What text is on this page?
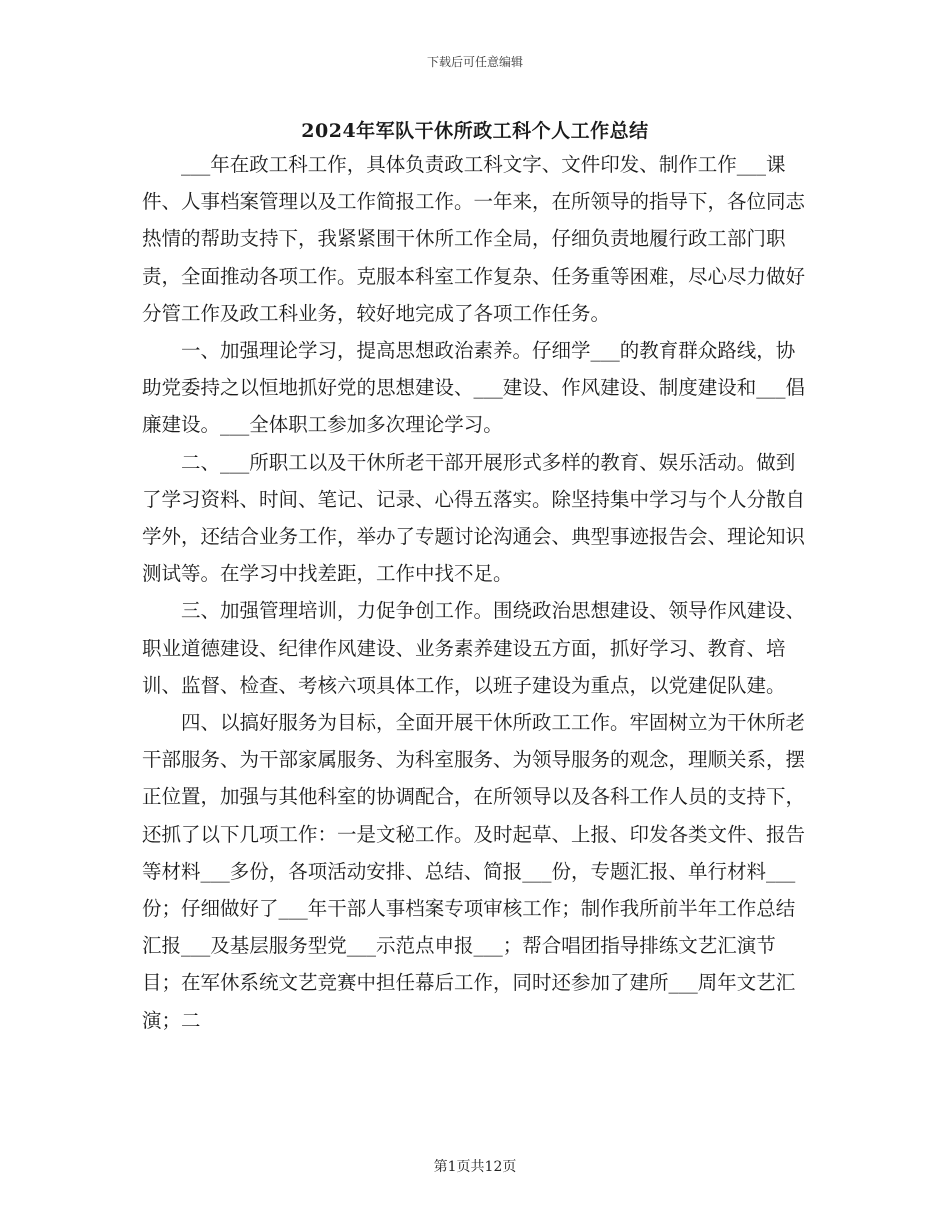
下载后可任意编辑
2024年军队干休所政工科个人工作总结

___年在政工科工作，具体负责政工科文字、文件印发、制作工作___课件、人事档案管理以及工作简报工作。一年来，在所领导的指导下，各位同志热情的帮助支持下，我紧紧围干休所工作全局，仔细负责地履行政工部门职责，全面推动各项工作。克服本科室工作复杂、任务重等困难，尽心尽力做好分管工作及政工科业务，较好地完成了各项工作任务。

一、加强理论学习，提高思想政治素养。仔细学___的教育群众路线，协助党委持之以恒地抓好党的思想建设、___建设、作风建设、制度建设和___倡廉建设。___全体职工参加多次理论学习。

二、___所职工以及干休所老干部开展形式多样的教育、娱乐活动。做到了学习资料、时间、笔记、记录、心得五落实。除坚持集中学习与个人分散自学外，还结合业务工作，举办了专题讨论沟通会、典型事迹报告会、理论知识测试等。在学习中找差距，工作中找不足。

三、加强管理培训，力促争创工作。围绕政治思想建设、领导作风建设、职业道德建设、纪律作风建设、业务素养建设五方面，抓好学习、教育、培训、监督、检查、考核六项具体工作，以班子建设为重点，以党建促队建。

四、以搞好服务为目标，全面开展干休所政工工作。牢固树立为干休所老干部服务、为干部家属服务、为科室服务、为领导服务的观念，理顺关系，摆正位置，加强与其他科室的协调配合，在所领导以及各科工作人员的支持下，还抓了以下几项工作：一是文秘工作。及时起草、上报、印发各类文件、报告等材料___多份，各项活动安排、总结、简报___份，专题汇报、单行材料___份；仔细做好了___年干部人事档案专项审核工作；制作我所前半年工作总结汇报___及基层服务型党___示范点申报___；帮合唱团指导排练文艺汇演节目；在军休系统文艺竞赛中担任幕后工作，同时还参加了建所___周年文艺汇演；二

第1页共12页
